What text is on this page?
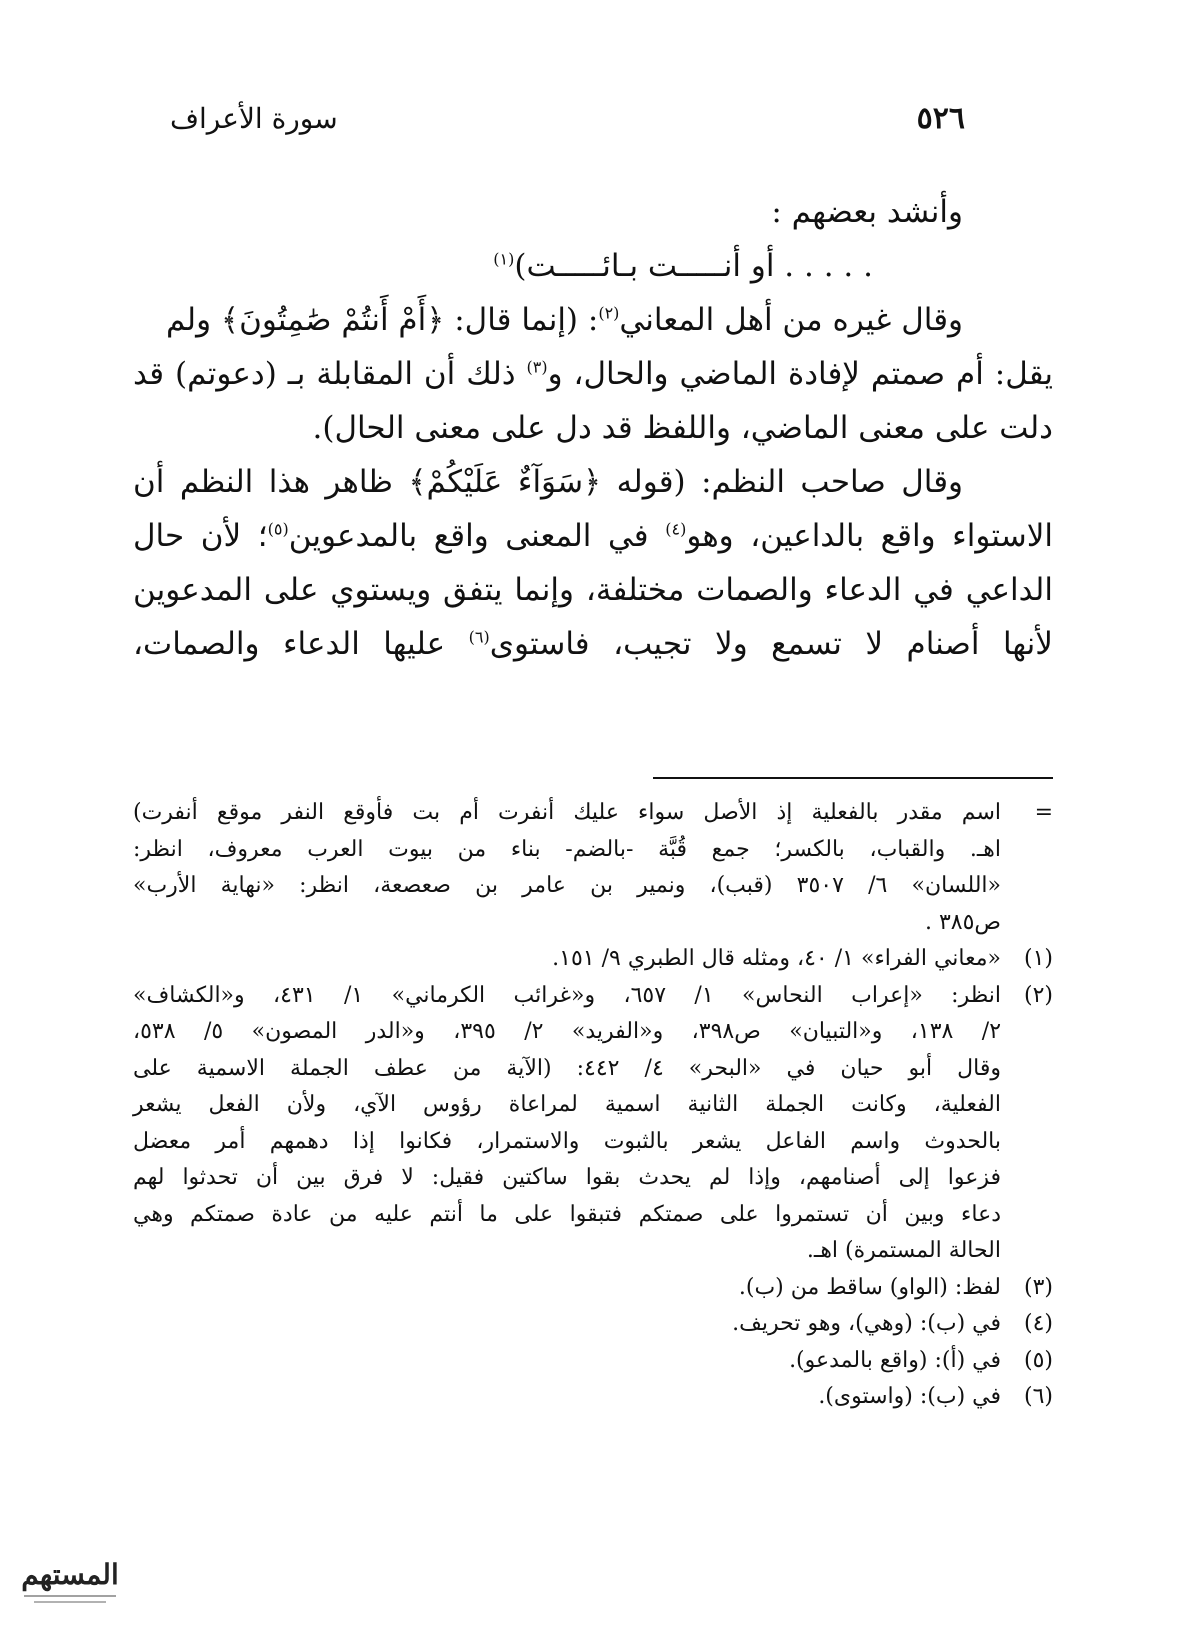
٥٢٦
سورة الأعراف
وأنشد بعضهم :
. . . . . أو أنـــــت بـائـــــت)$^{(١)}$
وقال غيره من أهل المعاني$^{(٢)}$: (إنما قال: ﴿أَمْ أَنتُمْ صَٰمِتُونَ﴾ ولم
يقل: أم صمتم لإفادة الماضي والحال، و$^{(٣)}$ ذلك أن المقابلة بـ (دعوتم) قد
دلت على معنى الماضي، واللفظ قد دل على معنى الحال).
وقال صاحب النظم: (قوله ﴿سَوَآءٌ عَلَيْكُمْ﴾ ظاهر هذا النظم أن
الاستواء واقع بالداعين، وهو$^{(٤)}$ في المعنى واقع بالمدعوين$^{(٥)}$؛ لأن حال
الداعي في الدعاء والصمات مختلفة، وإنما يتفق ويستوي على المدعوين
لأنها أصنام لا تسمع ولا تجيب، فاستوى$^{(٦)}$ عليها الدعاء والصمات،
=
اسم مقدر بالفعلية إذ الأصل سواء عليك أنفرت أم بت فأوقع النفر موقع أنفرت)
اهـ. والقباب، بالكسر؛ جمع قُبَّة -بالضم- بناء من بيوت العرب معروف، انظر:
«اللسان» ٦/ ٣٥٠٧ (قبب)، ونمير بن عامر بن صعصعة، انظر: «نهاية الأرب»
ص٣٨٥ .
(١)
«معاني الفراء» ١/ ٤٠، ومثله قال الطبري ٩/ ١٥١.
(٢)
انظر: «إعراب النحاس» ١/ ٦٥٧، و«غرائب الكرماني» ١/ ٤٣١، و«الكشاف»
٢/ ١٣٨، و«التبيان» ص٣٩٨، و«الفريد» ٢/ ٣٩٥، و«الدر المصون» ٥/ ٥٣٨،
وقال أبو حيان في «البحر» ٤/ ٤٤٢: (الآية من عطف الجملة الاسمية على
الفعلية، وكانت الجملة الثانية اسمية لمراعاة رؤوس الآي، ولأن الفعل يشعر
بالحدوث واسم الفاعل يشعر بالثبوت والاستمرار، فكانوا إذا دهمهم أمر معضل
فزعوا إلى أصنامهم، وإذا لم يحدث بقوا ساكتين فقيل: لا فرق بين أن تحدثوا لهم
دعاء وبين أن تستمروا على صمتكم فتبقوا على ما أنتم عليه من عادة صمتكم وهي
الحالة المستمرة) اهـ.
(٣)
لفظ: (الواو) ساقط من (ب).
(٤)
في (ب): (وهي)، وهو تحريف.
(٥)
في (أ): (واقع بالمدعو).
(٦)
في (ب): (واستوى).
المستهم
